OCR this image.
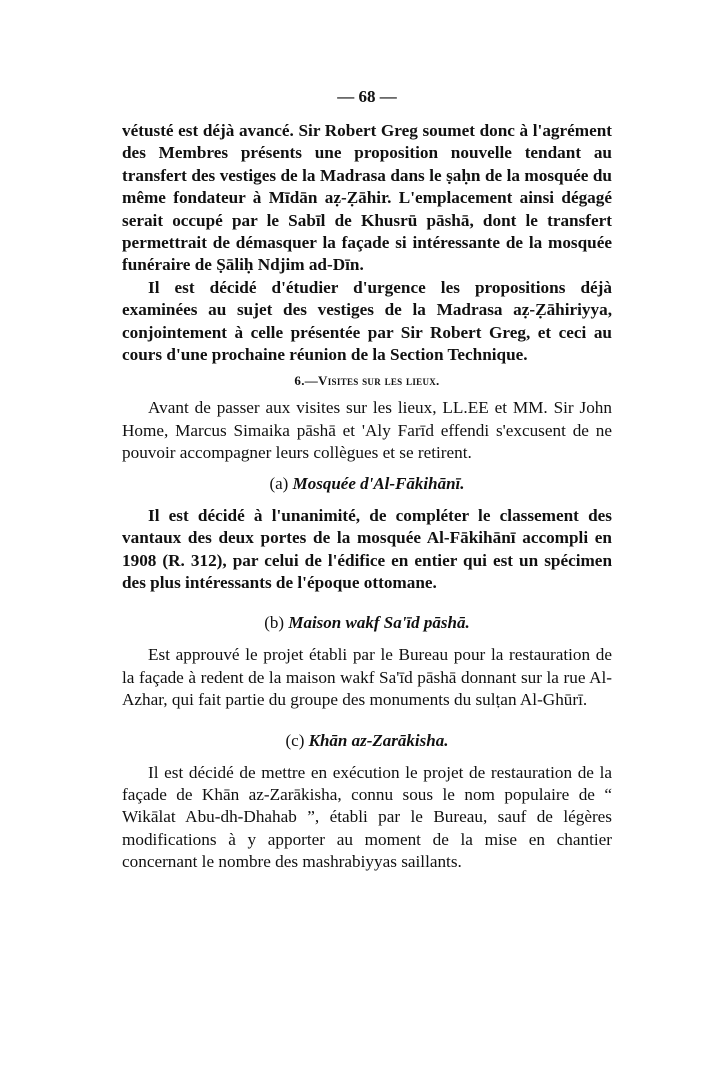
— 68 —

vétusté est déjà avancé. Sir Robert Greg soumet donc à l'agrément des Membres présents une proposition nouvelle tendant au transfert des vestiges de la Madrasa dans le ṣaḥn de la mosquée du même fondateur à Mīdān aẓ-Ẓāhir. L'emplacement ainsi dégagé serait occupé par le Sabīl de Khusrū pāshā, dont le transfert permettrait de démasquer la façade si intéressante de la mosquée funéraire de Ṣāliḥ Ndjim ad-Dīn.

Il est décidé d'étudier d'urgence les propositions déjà examinées au sujet des vestiges de la Madrasa aẓ-Ẓāhiriyya, conjointement à celle présentée par Sir Robert Greg, et ceci au cours d'une prochaine réunion de la Section Technique.

6.—Visites sur les lieux.

Avant de passer aux visites sur les lieux, LL.EE et MM. Sir John Home, Marcus Simaika pāshā et 'Aly Farīd effendi s'excusent de ne pouvoir accompagner leurs collègues et se retirent.

(a) Mosquée d'Al-Fākihānī.

Il est décidé à l'unanimité, de compléter le classement des vantaux des deux portes de la mosquée Al-Fākihānī accompli en 1908 (R. 312), par celui de l'édifice en entier qui est un spécimen des plus intéressants de l'époque ottomane.

(b) Maison wakf Sa'īd pāshā.

Est approuvé le projet établi par le Bureau pour la restauration de la façade à redent de la maison wakf Sa'īd pāshā donnant sur la rue Al-Azhar, qui fait partie du groupe des monuments du sulṭan Al-Ghūrī.

(c) Khān az-Zarākisha.

Il est décidé de mettre en exécution le projet de restauration de la façade de Khān az-Zarākisha, connu sous le nom populaire de “ Wikālat Abu-dh-Dhahab ”, établi par le Bureau, sauf de légères modifications à y apporter au moment de la mise en chantier concernant le nombre des mashrabiyyas saillants.
